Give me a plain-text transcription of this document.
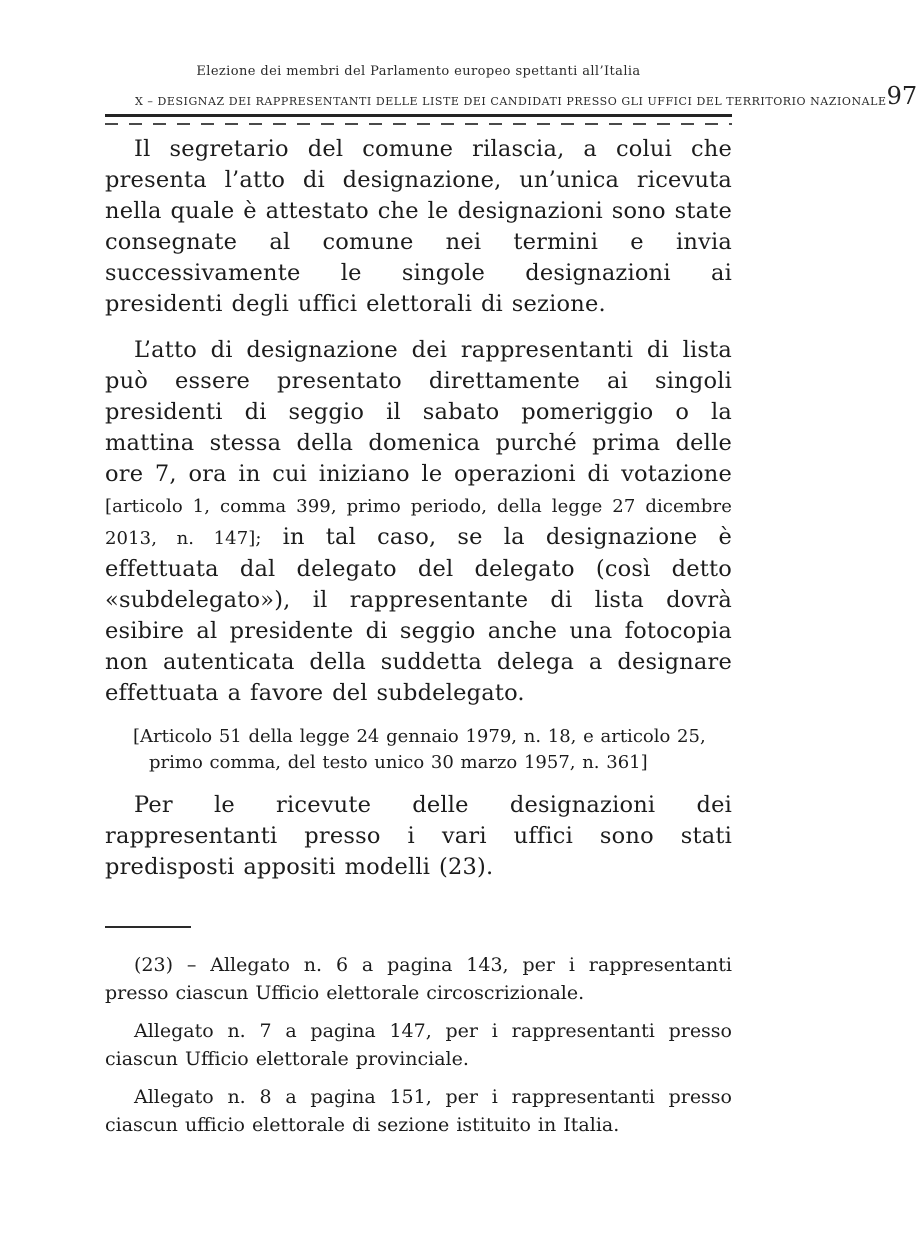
Elezione dei membri del Parlamento europeo spettanti all’Italia
X – DESIGNAZ DEI RAPPRESENTANTI DELLE LISTE DEI CANDIDATI PRESSO GLI UFFICI DEL TERRITORIO NAZIONALE 97

Il segretario del comune rilascia, a colui che presenta l’atto di designazione, un’unica ricevuta nella quale è attestato che le designazioni sono state consegnate al comune nei termini e invia successivamente le singole designazioni ai presidenti degli uffici elettorali di sezione.

L’atto di designazione dei rappresentanti di lista può essere presentato direttamente ai singoli presidenti di seggio il sabato pomeriggio o la mattina stessa della domenica purché prima delle ore 7, ora in cui iniziano le operazioni di votazione [articolo 1, comma 399, primo periodo, della legge 27 dicembre 2013, n. 147]; in tal caso, se la designazione è effettuata dal delegato del delegato (così detto «subdelegato»), il rappresentante di lista dovrà esibire al presidente di seggio anche una fotocopia non autenticata della suddetta delega a designare effettuata a favore del subdelegato.

[Articolo 51 della legge 24 gennaio 1979, n. 18, e articolo 25, primo comma, del testo unico 30 marzo 1957, n. 361]

Per le ricevute delle designazioni dei rappresentanti presso i vari uffici sono stati predisposti appositi modelli (23).

(23) – Allegato n. 6 a pagina 143, per i rappresentanti presso ciascun Ufficio elettorale circoscrizionale.

Allegato n. 7 a pagina 147, per i rappresentanti presso ciascun Ufficio elettorale provinciale.

Allegato n. 8 a pagina 151, per i rappresentanti presso ciascun ufficio elettorale di sezione istituito in Italia.
